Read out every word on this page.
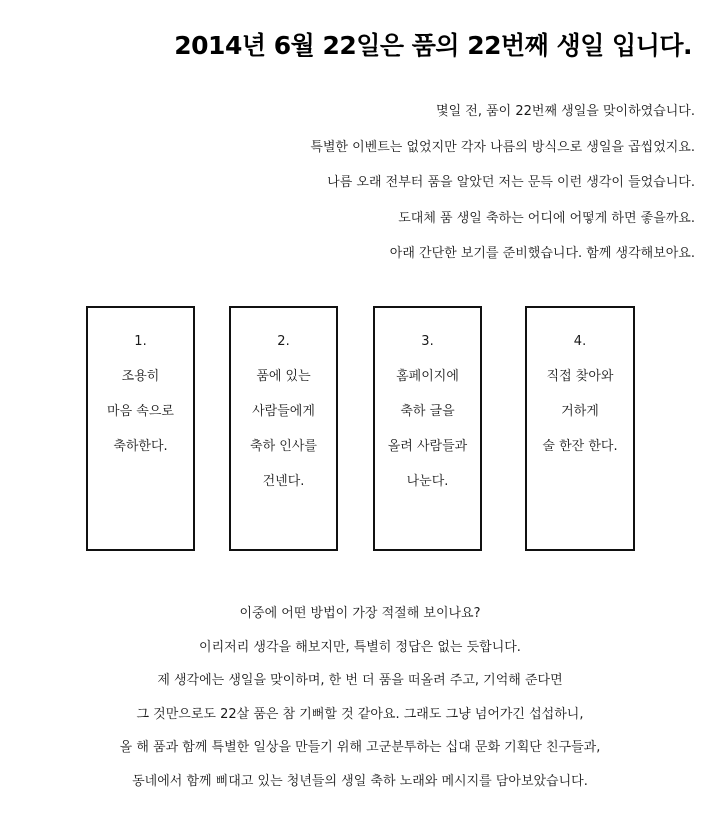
2014년 6월 22일은 품의 22번째 생일 입니다.
몇일 전, 품이 22번째 생일을 맞이하였습니다.
특별한 이벤트는 없었지만 각자 나름의 방식으로 생일을 곱씹었지요.
나름 오래 전부터 품을 알았던 저는 문득 이런 생각이 들었습니다.
도대체 품 생일 축하는 어디에 어떻게 하면 좋을까요.
아래 간단한 보기를 준비했습니다. 함께 생각해보아요.
1.
조용히
마음 속으로
축하한다.
2.
품에 있는
사람들에게
축하 인사를
건넨다.
3.
홈페이지에
축하 글을
올려 사람들과
나눈다.
4.
직접 찾아와
거하게
술 한잔 한다.
이중에 어떤 방법이 가장 적절해 보이나요?
이리저리 생각을 해보지만, 특별히 정답은 없는 듯합니다.
제 생각에는 생일을 맞이하며, 한 번 더 품을 떠올려 주고, 기억해 준다면
그 것만으로도 22살 품은 참 기뻐할 것 같아요. 그래도 그냥 넘어가긴 섭섭하니,
올 해 품과 함께 특별한 일상을 만들기 위해 고군분투하는 십대 문화 기획단 친구들과,
동네에서 함께 삐대고 있는 청년들의 생일 축하 노래와 메시지를 담아보았습니다.
